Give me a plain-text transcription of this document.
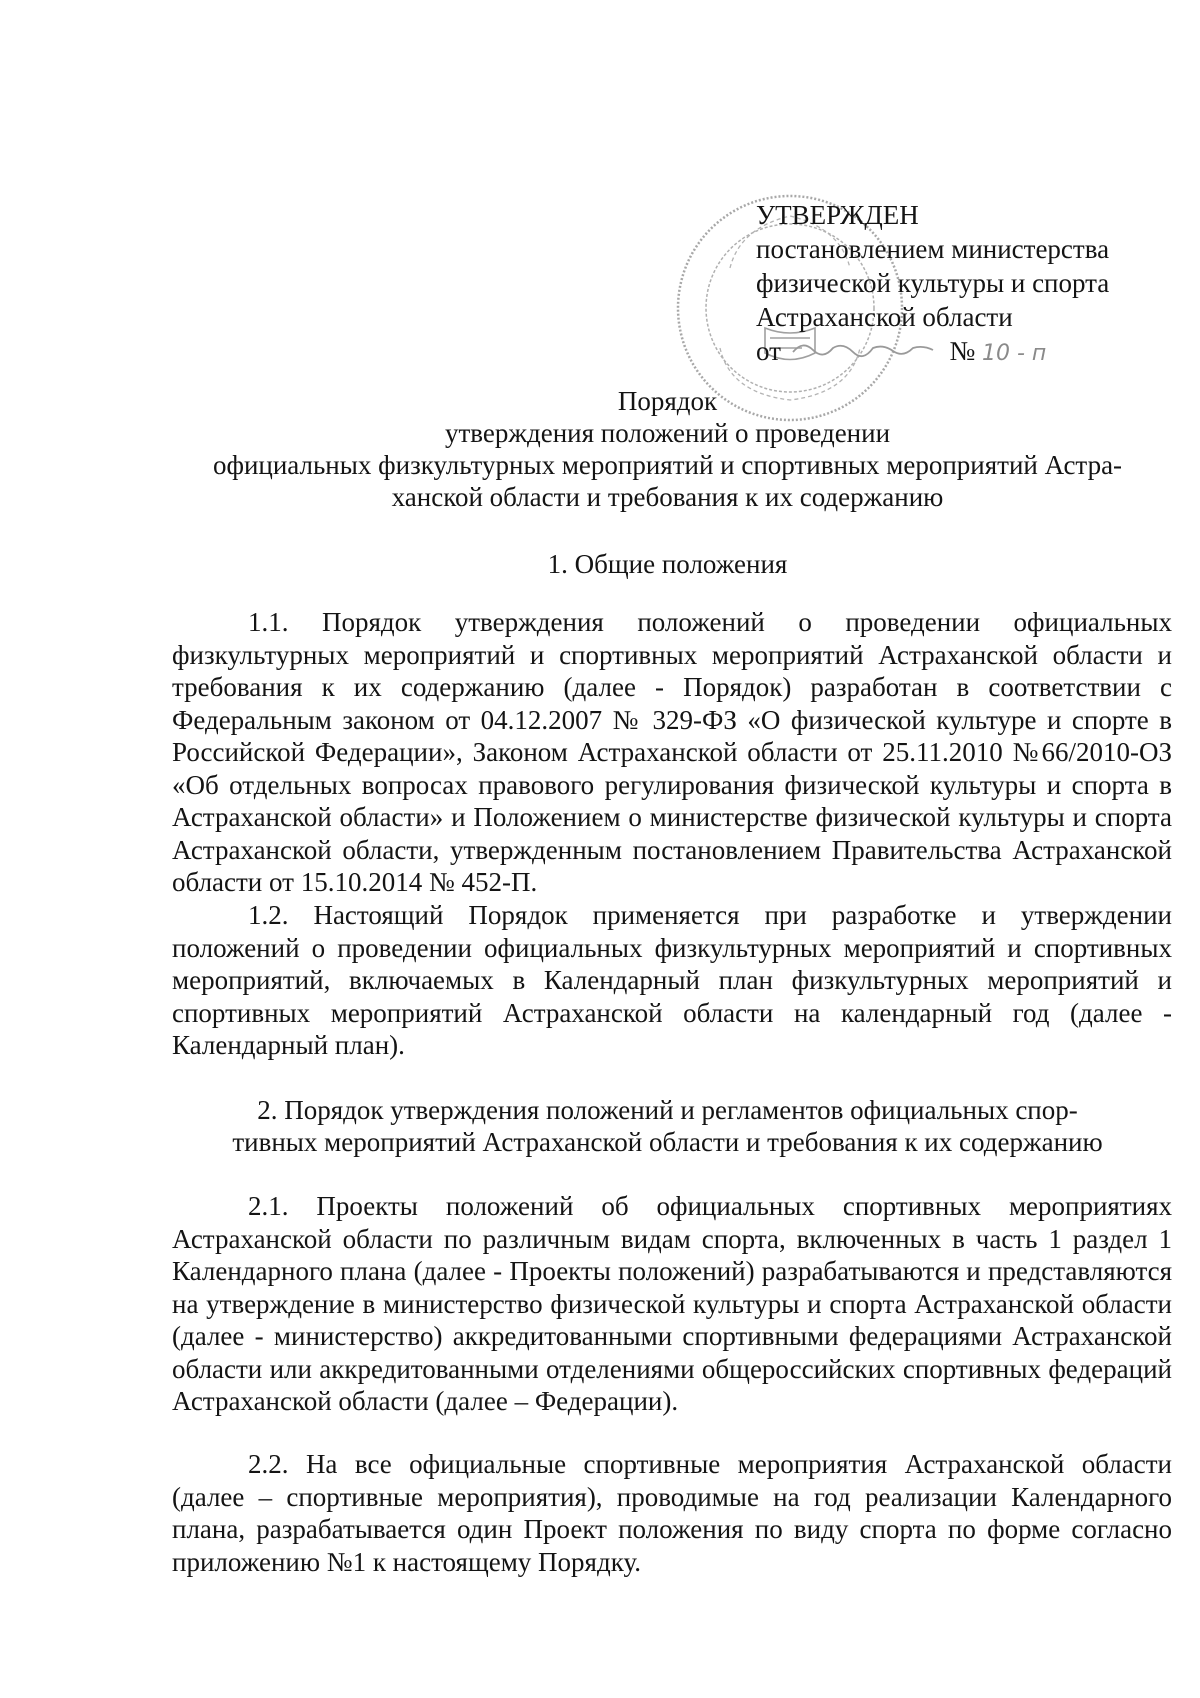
УТВЕРЖДЕН
постановлением министерства
физической культуры и спорта
Астраханской области
от	№ 10 - п
Порядок
утверждения положений о проведении
официальных физкультурных мероприятий и спортивных мероприятий Астра-
ханской области и требования к их содержанию
1. Общие положения

1.1. Порядок утверждения положений о проведении официальных физкультурных мероприятий и спортивных мероприятий Астраханской области и требования к их содержанию (далее - Порядок) разработан в соответствии с Федеральным законом от 04.12.2007 № 329-ФЗ «О физической культуре и спорте в Российской Федерации», Законом Астраханской области от 25.11.2010 №66/2010-ОЗ «Об отдельных вопросах правового регулирования физической культуры и спорта в Астраханской области» и Положением о министерстве физической культуры и спорта Астраханской области, утвержденным постановлением Правительства Астраханской области от 15.10.2014 № 452-П.

1.2. Настоящий Порядок применяется при разработке и утверждении положений о проведении официальных физкультурных мероприятий и спортивных мероприятий, включаемых в Календарный план физкультурных мероприятий и спортивных мероприятий Астраханской области на календарный год (далее - Календарный план).

2. Порядок утверждения положений и регламентов официальных спор-
тивных мероприятий Астраханской области и требования к их содержанию

2.1. Проекты положений об официальных спортивных мероприятиях Астраханской области по различным видам спорта, включенных в часть 1 раздел 1 Календарного плана (далее - Проекты положений) разрабатываются и представляются на утверждение в министерство физической культуры и спорта Астраханской области (далее - министерство) аккредитованными спортивными федерациями Астраханской области или аккредитованными отделениями общероссийских спортивных федераций Астраханской области (далее – Федерации).

2.2. На все официальные спортивные мероприятия Астраханской области (далее – спортивные мероприятия), проводимые на год реализации Календарного плана, разрабатывается один Проект положения по виду спорта по форме согласно приложению №1 к настоящему Порядку.
